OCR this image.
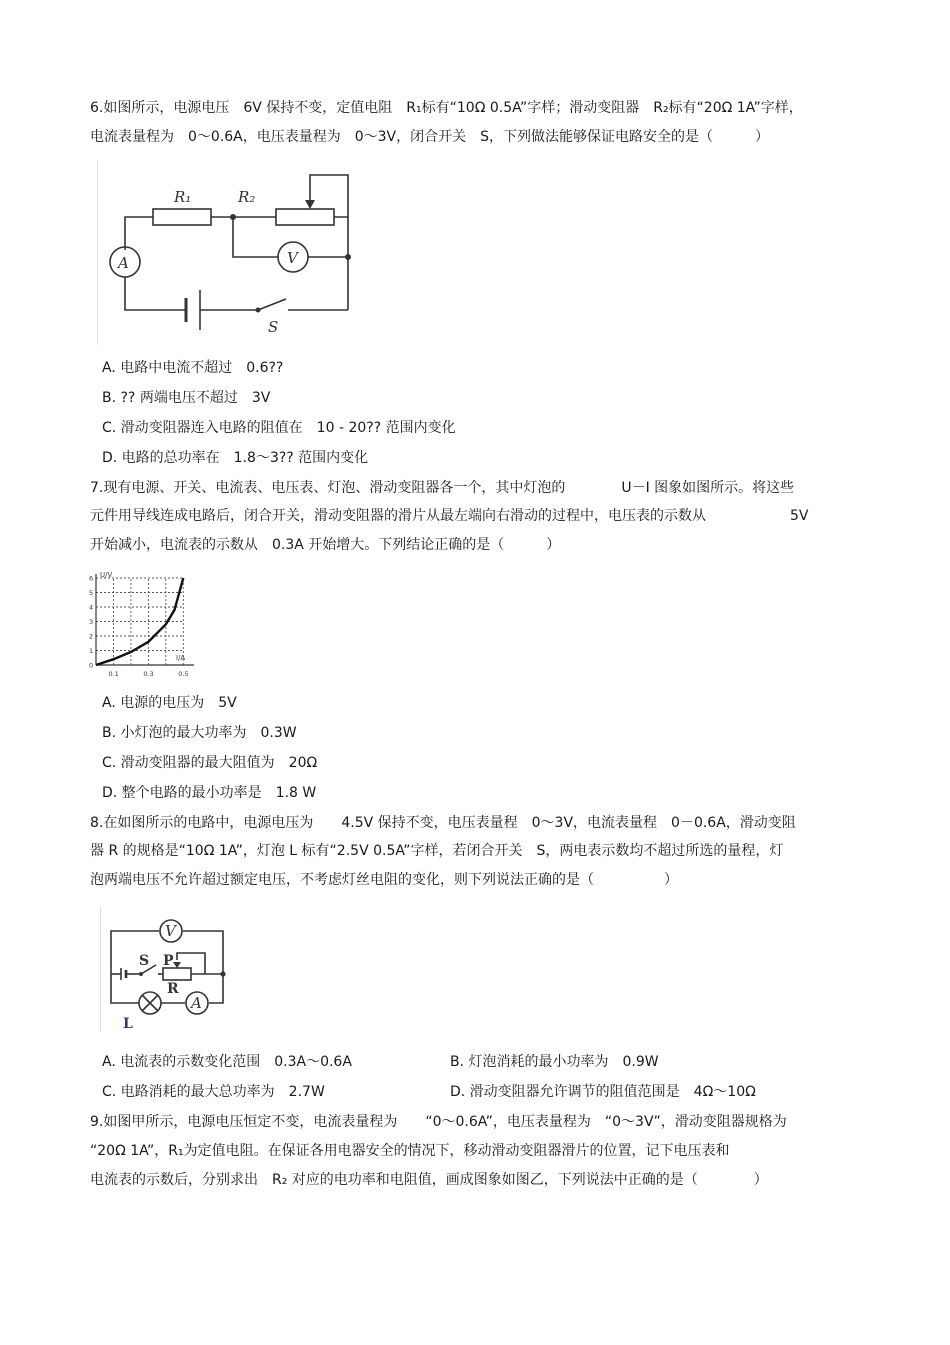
6.如图所示，电源电压　6V 保持不变，定值电阻　R₁标有“10Ω 0.5A”字样；滑动变阻器　R₂标有“20Ω 1A”字样，
电流表量程为　0～0.6A，电压表量程为　0～3V，闭合开关　S，下列做法能够保证电路安全的是（　　　）
R₁	R₂
A	V
S
A. 电路中电流不超过　0.6??
B. ?? 两端电压不超过　3V
C. 滑动变阻器连入电路的阻值在　10 - 20?? 范围内变化
D. 电路的总功率在　1.8～3?? 范围内变化
7.现有电源、开关、电流表、电压表、灯泡、滑动变阻器各一个，其中灯泡的　　　　U－I 图象如图所示。将这些
元件用导线连成电路后，闭合开关，滑动变阻器的滑片从最左端向右滑动的过程中，电压表的示数从　　　　　　5V
开始减小，电流表的示数从　0.3A 开始增大。下列结论正确的是（　　　）
0
1
2
3
4
5
6
0.1	0.3	0.5
U/V
I/A
A. 电源的电压为　5V
B. 小灯泡的最大功率为　0.3W
C. 滑动变阻器的最大阻值为　20Ω
D. 整个电路的最小功率是　1.8 W
8.在如图所示的电路中，电源电压为　　4.5V 保持不变，电压表量程　0～3V，电流表量程　0－0.6A，滑动变阻
器 R 的规格是“10Ω 1A”，灯泡 L 标有“2.5V 0.5A”字样，若闭合开关　S，两电表示数均不超过所选的量程，灯
泡两端电压不允许超过额定电压，不考虑灯丝电阻的变化，则下列说法正确的是（　　　　　）
V
A
S P
R
L
A. 电流表的示数变化范围　0.3A～0.6A	B. 灯泡消耗的最小功率为　0.9W
C. 电路消耗的最大总功率为　2.7W	D. 滑动变阻器允许调节的阻值范围是　4Ω～10Ω
9.如图甲所示，电源电压恒定不变，电流表量程为　　“0～0.6A”，电压表量程为　“0～3V”，滑动变阻器规格为
“20Ω 1A”，R₁为定值电阻。在保证各用电器安全的情况下，移动滑动变阻器滑片的位置，记下电压表和
电流表的示数后，分别求出　R₂ 对应的电功率和电阻值，画成图象如图乙，下列说法中正确的是（　　　　）
